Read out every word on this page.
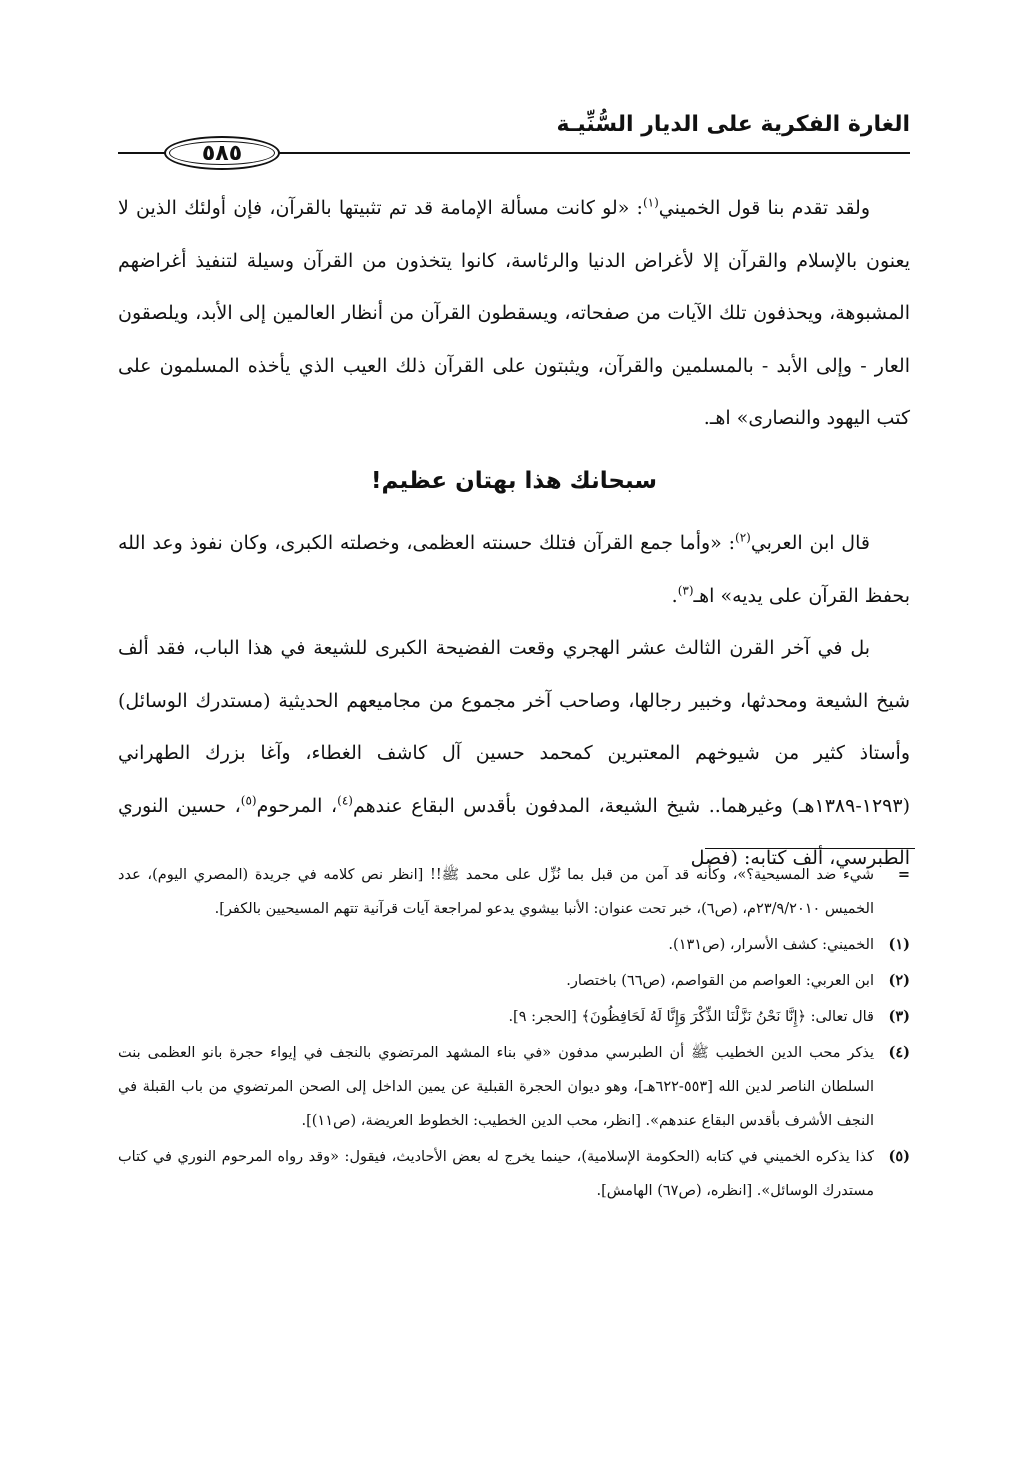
الغارة الفكرية على الديار السُّنِّيـة
٥٨٥

ولقد تقدم بنا قول الخميني$^{(١)}$: «لو كانت مسألة الإمامة قد تم تثبيتها بالقرآن، فإن أولئك الذين لا يعنون بالإسلام والقرآن إلا لأغراض الدنيا والرئاسة، كانوا يتخذون من القرآن وسيلة لتنفيذ أغراضهم المشبوهة، ويحذفون تلك الآيات من صفحاته، ويسقطون القرآن من أنظار العالمين إلى الأبد، ويلصقون العار - وإلى الأبد - بالمسلمين والقرآن، ويثبتون على القرآن ذلك العيب الذي يأخذه المسلمون على كتب اليهود والنصارى» اهـ.

سبحانك هذا بهتان عظيم!

قال ابن العربي$^{(٢)}$: «وأما جمع القرآن فتلك حسنته العظمى، وخصلته الكبرى، وكان نفوذ وعد الله بحفظ القرآن على يديه» اهـ$^{(٣)}$.

بل في آخر القرن الثالث عشر الهجري وقعت الفضيحة الكبرى للشيعة في هذا الباب، فقد ألف شيخ الشيعة ومحدثها، وخبير رجالها، وصاحب آخر مجموع من مجاميعهم الحديثية (مستدرك الوسائل) وأستاذ كثير من شيوخهم المعتبرين كمحمد حسين آل كاشف الغطاء، وآغا بزرك الطهراني (١٢٩٣-١٣٨٩هـ) وغيرهما.. شيخ الشيعة، المدفون بأقدس البقاع عندهم$^{(٤)}$، المرحوم$^{(٥)}$، حسين النوري الطبرسي، ألف كتابه: (فصل

=
شيء ضد المسيحية؟»، وكأنه قد آمن من قبل بما نُزِّل على محمد ﷺ!! [انظر نص كلامه في جريدة (المصري اليوم)، عدد الخميس ٢٣/٩/٢٠١٠م، (ص٦)، خبر تحت عنوان: الأنبا بيشوي يدعو لمراجعة آيات قرآنية تتهم المسيحيين بالكفر].
(١)
الخميني: كشف الأسرار، (ص١٣١).
(٢)
ابن العربي: العواصم من القواصم، (ص٦٦) باختصار.
(٣)
قال تعالى: ﴿إِنَّا نَحْنُ نَزَّلْنَا الذِّكْرَ وَإِنَّا لَهُ لَحَافِظُونَ﴾ [الحجر: ٩].
(٤)
يذكر محب الدين الخطيب ﷺ أن الطبرسي مدفون «في بناء المشهد المرتضوي بالنجف في إيواء حجرة بانو العظمى بنت السلطان الناصر لدين الله [٥٥٣-٦٢٢هـ]، وهو ديوان الحجرة القبلية عن يمين الداخل إلى الصحن المرتضوي من باب القبلة في النجف الأشرف بأقدس البقاع عندهم». [انظر، محب الدين الخطيب: الخطوط العريضة، (ص١١)].
(٥)
كذا يذكره الخميني في كتابه (الحكومة الإسلامية)، حينما يخرج له بعض الأحاديث، فيقول: «وقد رواه المرحوم النوري في كتاب مستدرك الوسائل». [انظره، (ص٦٧) الهامش].
